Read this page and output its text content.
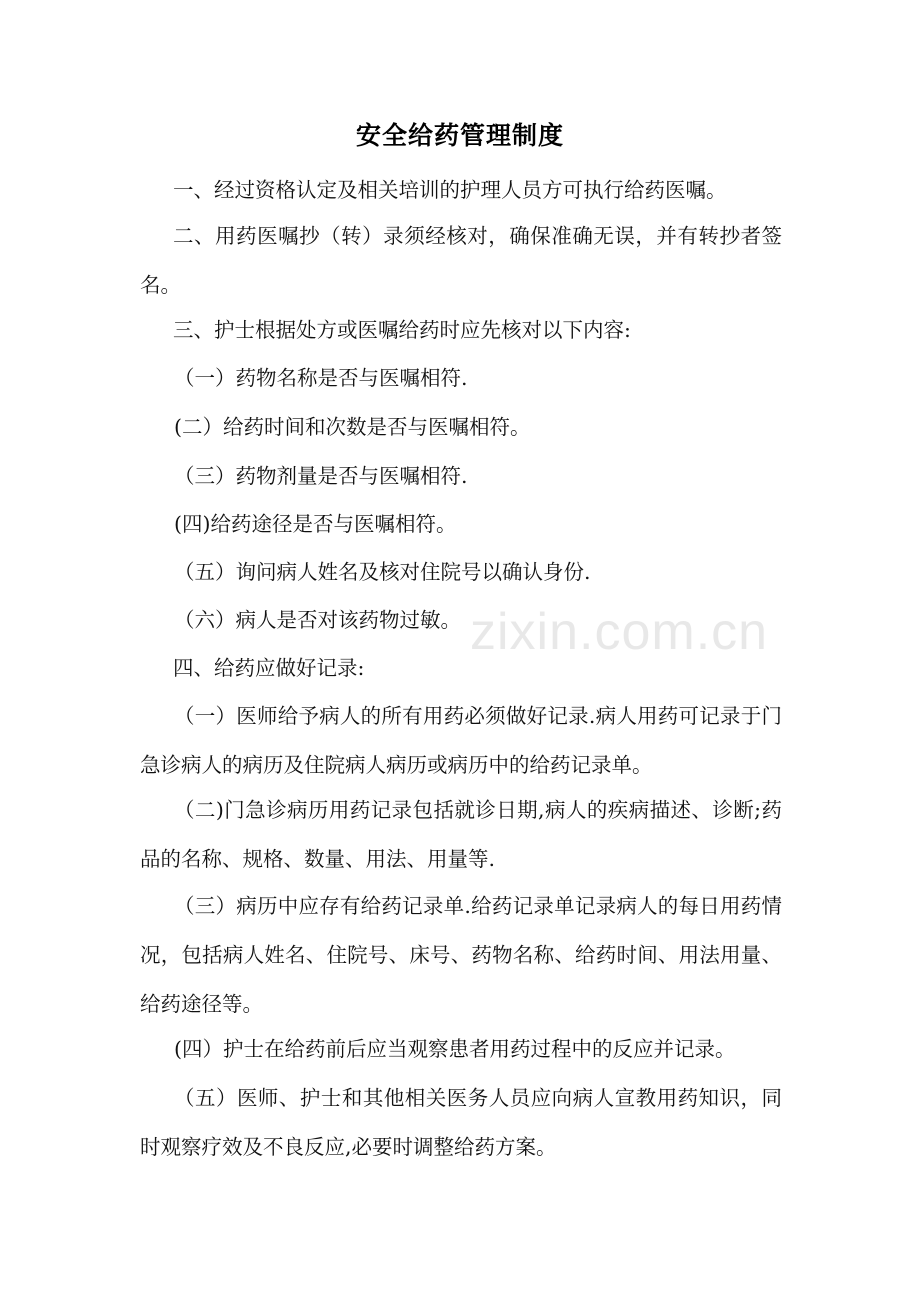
zixin.com.cn
安全给药管理制度
一、经过资格认定及相关培训的护理人员方可执行给药医嘱。
二、用药医嘱抄（转）录须经核对，确保准确无误，并有转抄者签名。
三、护士根据处方或医嘱给药时应先核对以下内容:
（一）药物名称是否与医嘱相符.
(二）给药时间和次数是否与医嘱相符。
（三）药物剂量是否与医嘱相符.
(四)给药途径是否与医嘱相符。
（五）询问病人姓名及核对住院号以确认身份.
（六）病人是否对该药物过敏。
四、给药应做好记录:
（一）医师给予病人的所有用药必须做好记录.病人用药可记录于门急诊病人的病历及住院病人病历或病历中的给药记录单。
（二)门急诊病历用药记录包括就诊日期,病人的疾病描述、诊断;药品的名称、规格、数量、用法、用量等.
（三）病历中应存有给药记录单.给药记录单记录病人的每日用药情况，包括病人姓名、住院号、床号、药物名称、给药时间、用法用量、给药途径等。
(四）护士在给药前后应当观察患者用药过程中的反应并记录。
（五）医师、护士和其他相关医务人员应向病人宣教用药知识，同时观察疗效及不良反应,必要时调整给药方案。
